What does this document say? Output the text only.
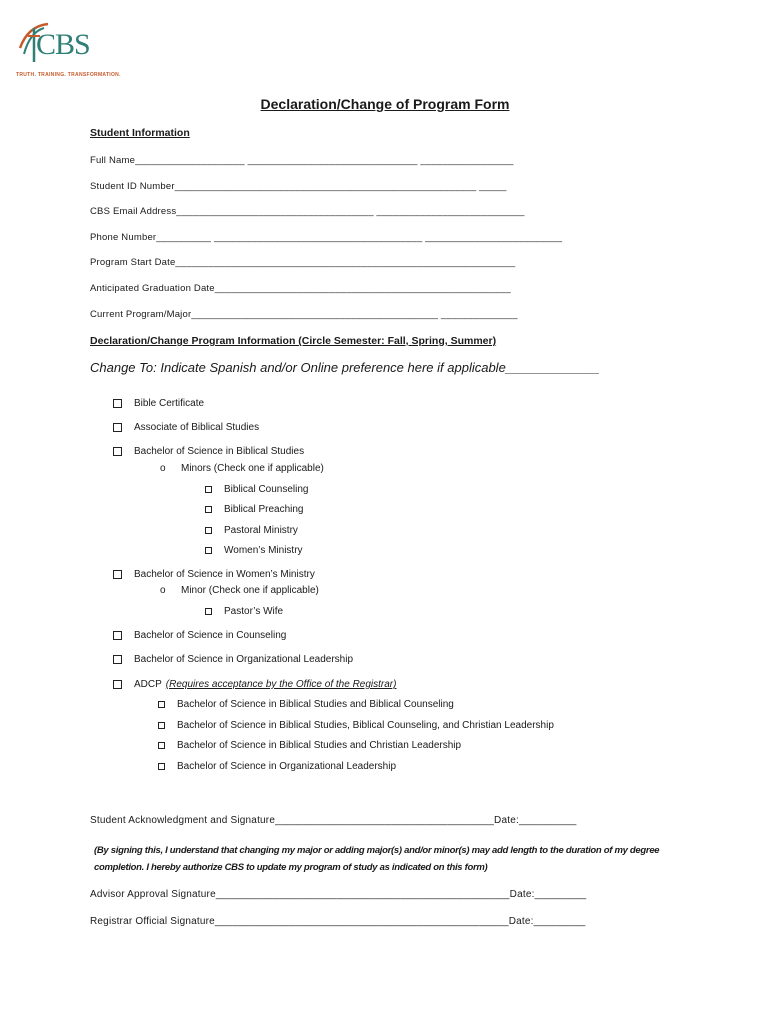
CBS
TRUTH. TRAINING. TRANSFORMATION.
Declaration/Change of Program Form
Student Information
Full Name____________________ _______________________________ _________________
Student ID Number_______________________________________________________ _____
CBS Email Address____________________________________ ___________________________
Phone Number__________ ______________________________________ _________________________
Program Start Date______________________________________________________________
Anticipated Graduation Date______________________________________________________
Current Program/Major_____________________________________________ ______________
Declaration/Change Program Information (Circle Semester: Fall, Spring, Summer)
Change To: Indicate Spanish and/or Online preference here if applicable_____________
Bible Certificate
Associate of Biblical Studies
Bachelor of Science in Biblical Studies
o	Minors (Check one if applicable)
Biblical Counseling
Biblical Preaching
Pastoral Ministry
Women’s Ministry
Bachelor of Science in Women’s Ministry
o	Minor (Check one if applicable)
Pastor’s Wife
Bachelor of Science in Counseling
Bachelor of Science in Organizational Leadership
ADCP (Requires acceptance by the Office of the Registrar)
Bachelor of Science in Biblical Studies and Biblical Counseling
Bachelor of Science in Biblical Studies, Biblical Counseling, and Christian Leadership
Bachelor of Science in Biblical Studies and Christian Leadership
Bachelor of Science in Organizational Leadership
Student Acknowledgment and Signature______________________________________Date:__________
(By signing this, I understand that changing my major or adding major(s) and/or minor(s) may add length to the duration of my degree completion. I hereby authorize CBS to update my program of study as indicated on this form)
Advisor Approval Signature___________________________________________________Date:_________
Registrar Official Signature___________________________________________________Date:_________
